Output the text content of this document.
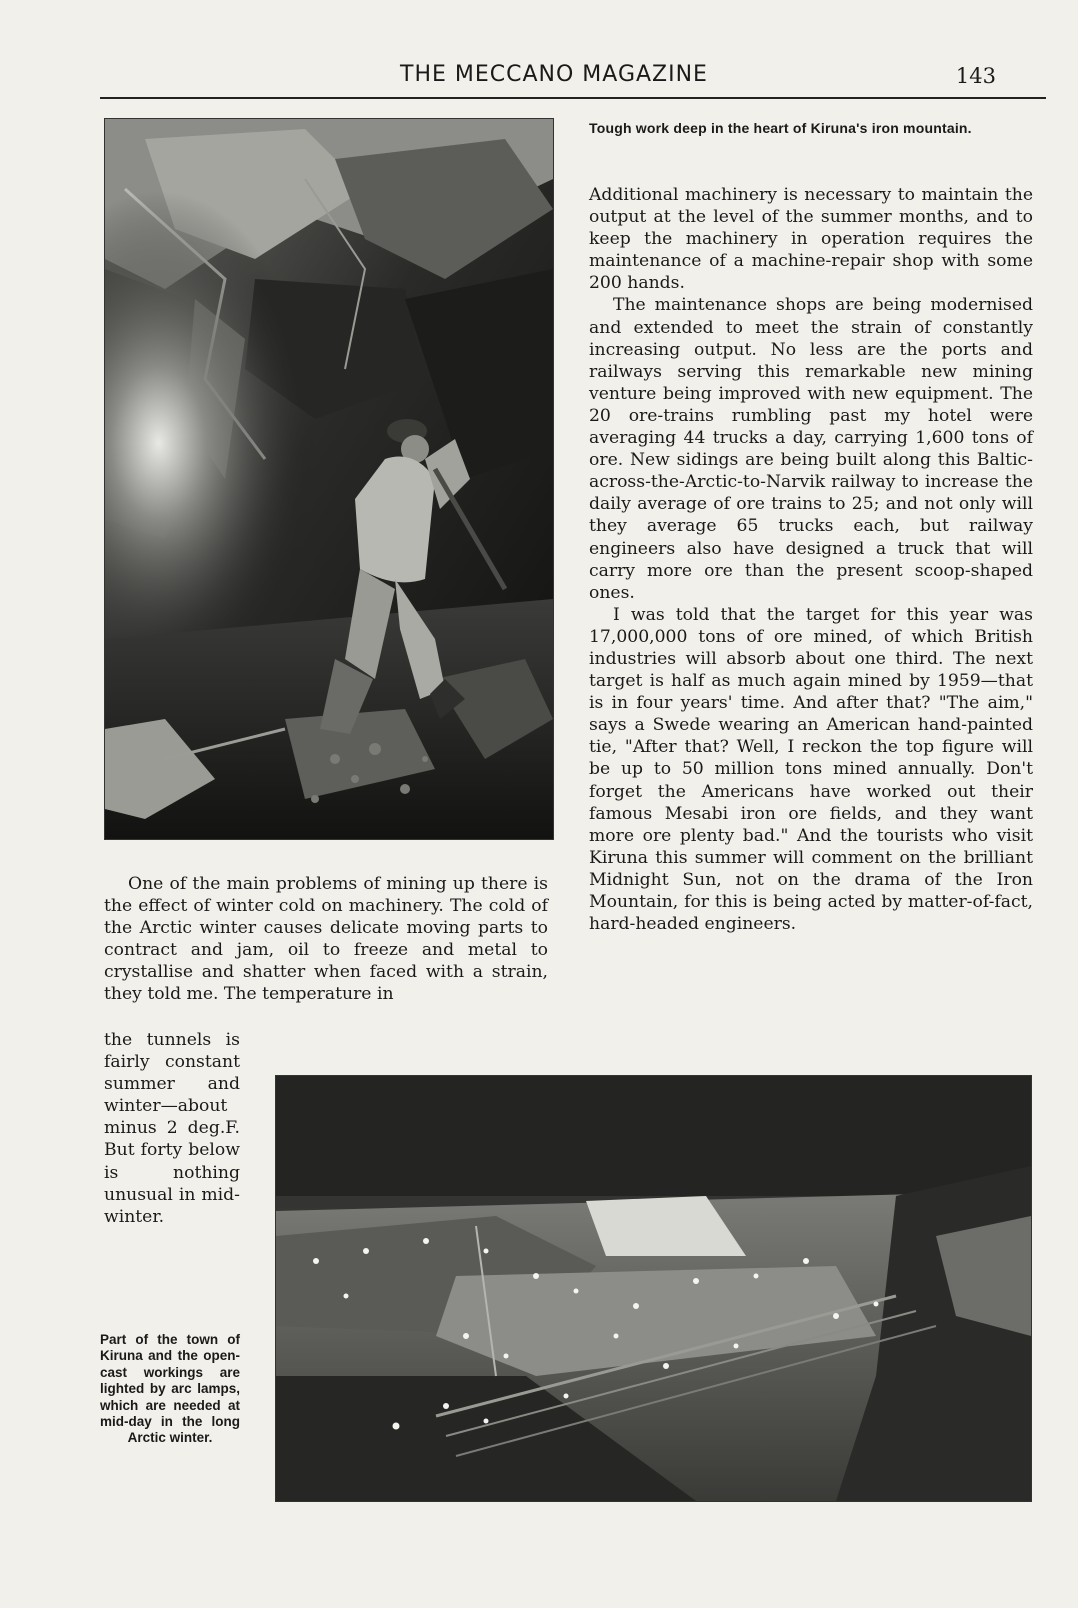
THE MECCANO MAGAZINE	143
Tough work deep in the heart of Kiruna's iron mountain.

Additional machinery is necessary to maintain the output at the level of the summer months, and to keep the machinery in operation requires the maintenance of a machine-repair shop with some 200 hands.

The maintenance shops are being modernised and extended to meet the strain of constantly increasing output. No less are the ports and railways serving this remarkable new mining venture being improved with new equipment. The 20 ore-trains rumbling past my hotel were averaging 44 trucks a day, carrying 1,600 tons of ore. New sidings are being built along this Baltic-across-the-Arctic-to-Narvik railway to increase the daily average of ore trains to 25; and not only will they average 65 trucks each, but railway engineers also have designed a truck that will carry more ore than the present scoop-shaped ones.

I was told that the target for this year was 17,000,000 tons of ore mined, of which British industries will absorb about one third. The next target is half as much again mined by 1959—that is in four years' time. And after that? "The aim," says a Swede wearing an American hand-painted tie, "After that? Well, I reckon the top figure will be up to 50 million tons mined annually. Don't forget the Americans have worked out their famous Mesabi iron ore fields, and they want more ore plenty bad." And the tourists who visit Kiruna this summer will comment on the brilliant Midnight Sun, not on the drama of the Iron Mountain, for this is being acted by matter-of-fact, hard-headed engineers.

One of the main problems of mining up there is the effect of winter cold on machinery. The cold of the Arctic winter causes delicate moving parts to contract and jam, oil to freeze and metal to crystallise and shatter when faced with a strain, they told me. The temperature in

the tunnels is fairly constant summer and winter—about minus 2 deg.F. But forty below is nothing unusual in mid-winter.

Part of the town of Kiruna and the open-cast workings are lighted by arc lamps, which are needed at mid-day in the long Arctic winter.
